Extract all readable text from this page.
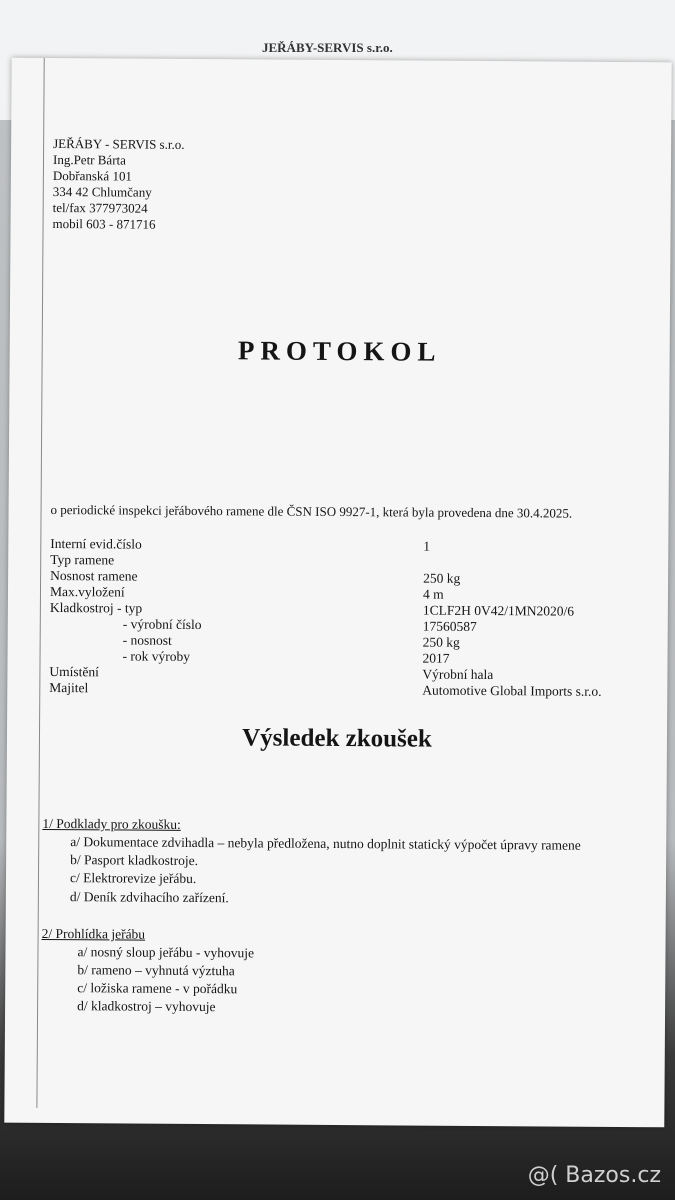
JEŘÁBY-SERVIS s.r.o.
JEŘÁBY - SERVIS s.r.o.
Ing.Petr Bárta
Dobřanská 101
334 42 Chlumčany
tel/fax 377973024
mobil 603 - 871716
PROTOKOL
o periodické inspekci jeřábového ramene dle ČSN ISO 9927-1, která byla provedena dne 30.4.2025.
Interní evid.číslo	1
Typ ramene
Nosnost ramene	250 kg
Max.vyložení	4 m
Kladkostroj - typ	1CLF2H 0V42/1MN2020/6
- výrobní číslo	17560587
- nosnost	250 kg
- rok výroby	2017
Umístění	Výrobní hala
Majitel	Automotive Global Imports s.r.o.
Výsledek zkoušek
1/ Podklady pro zkoušku:
a/ Dokumentace zdvihadla – nebyla předložena, nutno doplnit statický výpočet úpravy ramene
b/ Pasport kladkostroje.
c/ Elektrorevize jeřábu.
d/ Deník zdvihacího zařízení.
2/ Prohlídka jeřábu
a/ nosný sloup jeřábu - vyhovuje
b/ rameno – vyhnutá výztuha
c/ ložiska ramene - v pořádku
d/ kladkostroj – vyhovuje
@( Bazos.cz
